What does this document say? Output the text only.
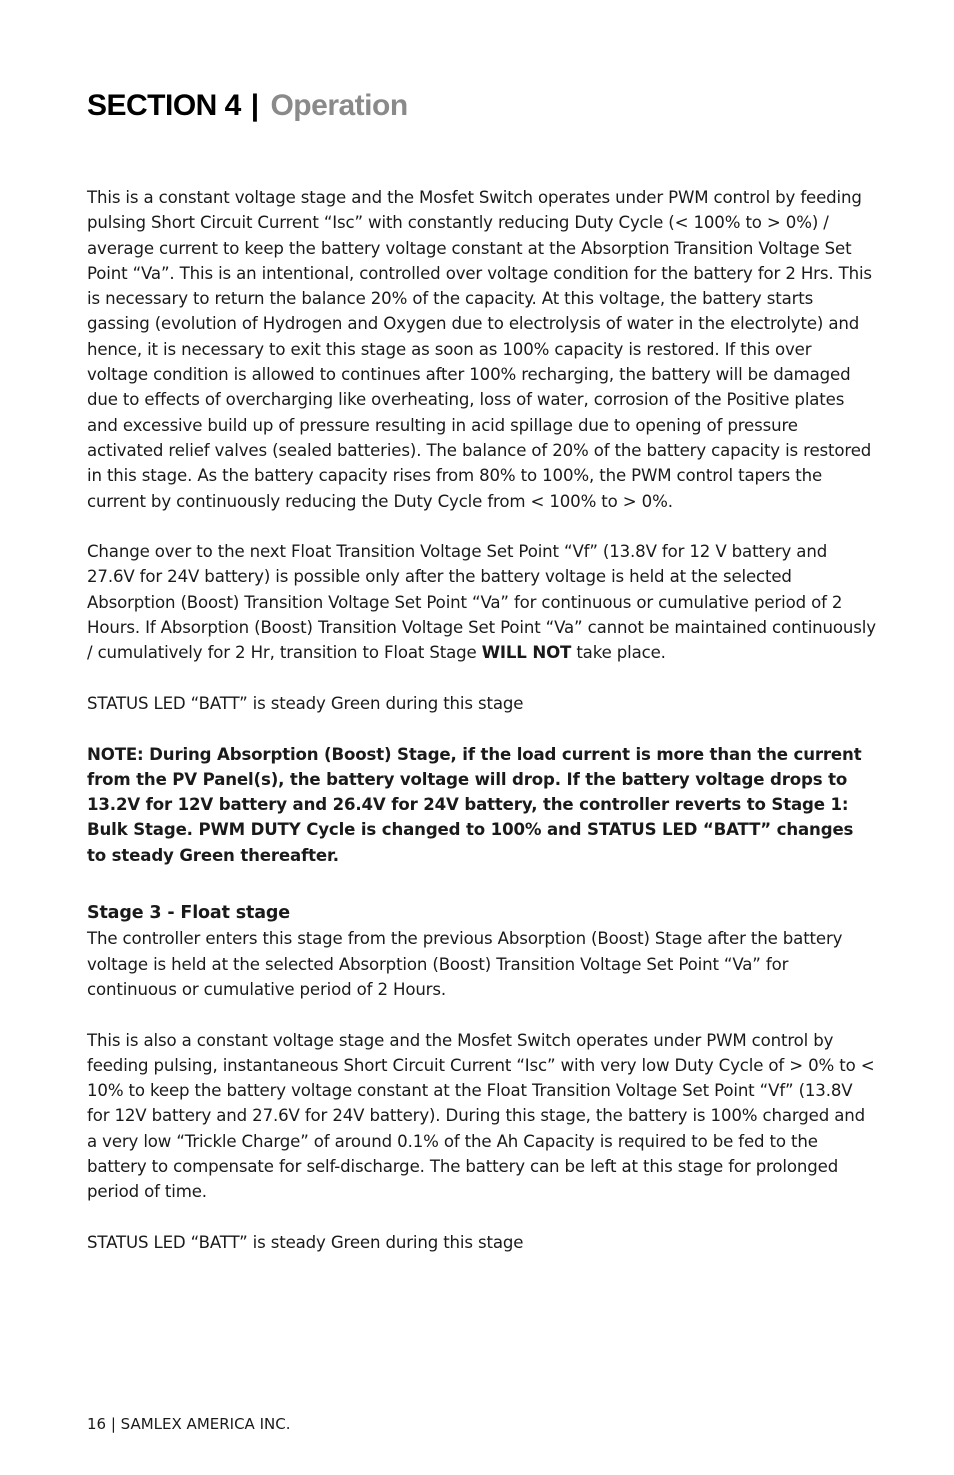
SECTION 4 | Operation

This is a constant voltage stage and the Mosfet Switch operates under PWM control by feeding pulsing Short Circuit Current “Isc” with constantly reducing Duty Cycle (< 100% to > 0%) / average current to keep the battery voltage constant at the Absorption Transition Voltage Set Point “Va”. This is an intentional, controlled over voltage condition for the battery for 2 Hrs. This is necessary to return the balance 20% of the capacity. At this voltage, the battery starts gassing (evolution of Hydrogen and Oxygen due to electrolysis of water in the electrolyte) and hence, it is necessary to exit this stage as soon as 100% capacity is restored. If this over voltage condition is allowed to continues after 100% recharging, the battery will be damaged due to effects of overcharging like overheating, loss of water, corrosion of the Positive plates and excessive build up of pressure resulting in acid spillage due to opening of pressure activated relief valves (sealed batteries). The balance of 20% of the battery capacity is restored in this stage. As the battery capacity rises from 80% to 100%, the PWM control tapers the current by continuously reducing the Duty Cycle from < 100% to > 0%.

Change over to the next Float Transition Voltage Set Point “Vf” (13.8V for 12 V battery and 27.6V for 24V battery) is possible only after the battery voltage is held at the selected Absorption (Boost) Transition Voltage Set Point “Va” for continuous or cumulative period of 2 Hours. If Absorption (Boost) Transition Voltage Set Point “Va” cannot be maintained continuously / cumulatively for 2 Hr, transition to Float Stage WILL NOT take place.

STATUS LED “BATT” is steady Green during this stage

NOTE: During Absorption (Boost) Stage, if the load current is more than the current from the PV Panel(s), the battery voltage will drop. If the battery voltage drops to 13.2V for 12V battery and 26.4V for 24V battery, the controller reverts to Stage 1: Bulk Stage. PWM DUTY Cycle is changed to 100% and STATUS LED “BATT” changes to steady Green thereafter.

Stage 3 - Float stage

The controller enters this stage from the previous Absorption (Boost) Stage after the battery voltage is held at the selected Absorption (Boost) Transition Voltage Set Point “Va” for continuous or cumulative period of 2 Hours.

This is also a constant voltage stage and the Mosfet Switch operates under PWM control by feeding pulsing, instantaneous Short Circuit Current “Isc” with very low Duty Cycle of > 0% to < 10% to keep the battery voltage constant at the Float Transition Voltage Set Point “Vf” (13.8V for 12V battery and 27.6V for 24V battery). During this stage, the battery is 100% charged and a very low “Trickle Charge” of around 0.1% of the Ah Capacity is required to be fed to the battery to compensate for self-discharge. The battery can be left at this stage for prolonged period of time.

STATUS LED “BATT” is steady Green during this stage

16 | SAMLEX AMERICA INC.
